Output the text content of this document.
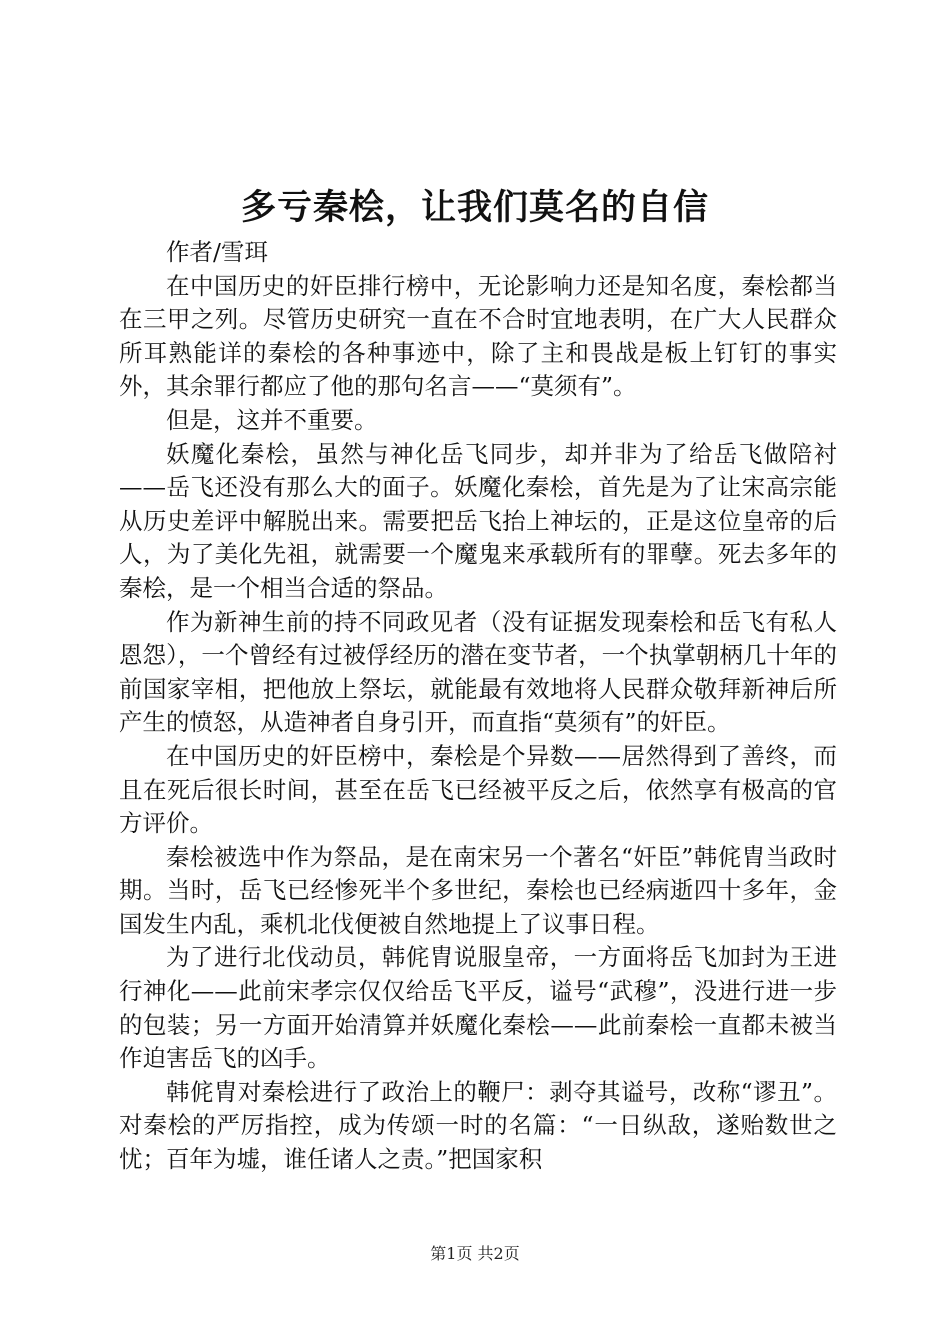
多亏秦桧，让我们莫名的自信

作者/雪珥

在中国历史的奸臣排行榜中，无论影响力还是知名度，秦桧都当在三甲之列。尽管历史研究一直在不合时宜地表明，在广大人民群众所耳熟能详的秦桧的各种事迹中，除了主和畏战是板上钉钉的事实外，其余罪行都应了他的那句名言——“莫须有”。

但是，这并不重要。

妖魔化秦桧，虽然与神化岳飞同步，却并非为了给岳飞做陪衬——岳飞还没有那么大的面子。妖魔化秦桧，首先是为了让宋高宗能从历史差评中解脱出来。需要把岳飞抬上神坛的，正是这位皇帝的后人，为了美化先祖，就需要一个魔鬼来承载所有的罪孽。死去多年的秦桧，是一个相当合适的祭品。

作为新神生前的持不同政见者（没有证据发现秦桧和岳飞有私人恩怨），一个曾经有过被俘经历的潜在变节者，一个执掌朝柄几十年的前国家宰相，把他放上祭坛，就能最有效地将人民群众敬拜新神后所产生的愤怒，从造神者自身引开，而直指“莫须有”的奸臣。

在中国历史的奸臣榜中，秦桧是个异数——居然得到了善终，而且在死后很长时间，甚至在岳飞已经被平反之后，依然享有极高的官方评价。

秦桧被选中作为祭品，是在南宋另一个著名“奸臣”韩侂胄当政时期。当时，岳飞已经惨死半个多世纪，秦桧也已经病逝四十多年，金国发生内乱，乘机北伐便被自然地提上了议事日程。

为了进行北伐动员，韩侂胄说服皇帝，一方面将岳飞加封为王进行神化——此前宋孝宗仅仅给岳飞平反，谥号“武穆”，没进行进一步的包装；另一方面开始清算并妖魔化秦桧——此前秦桧一直都未被当作迫害岳飞的凶手。

韩侂胄对秦桧进行了政治上的鞭尸：剥夺其谥号，改称“谬丑”。对秦桧的严厉指控，成为传颂一时的名篇：“一日纵敌，遂贻数世之忧；百年为墟，谁任诸人之责。”把国家积

第1页 共2页
